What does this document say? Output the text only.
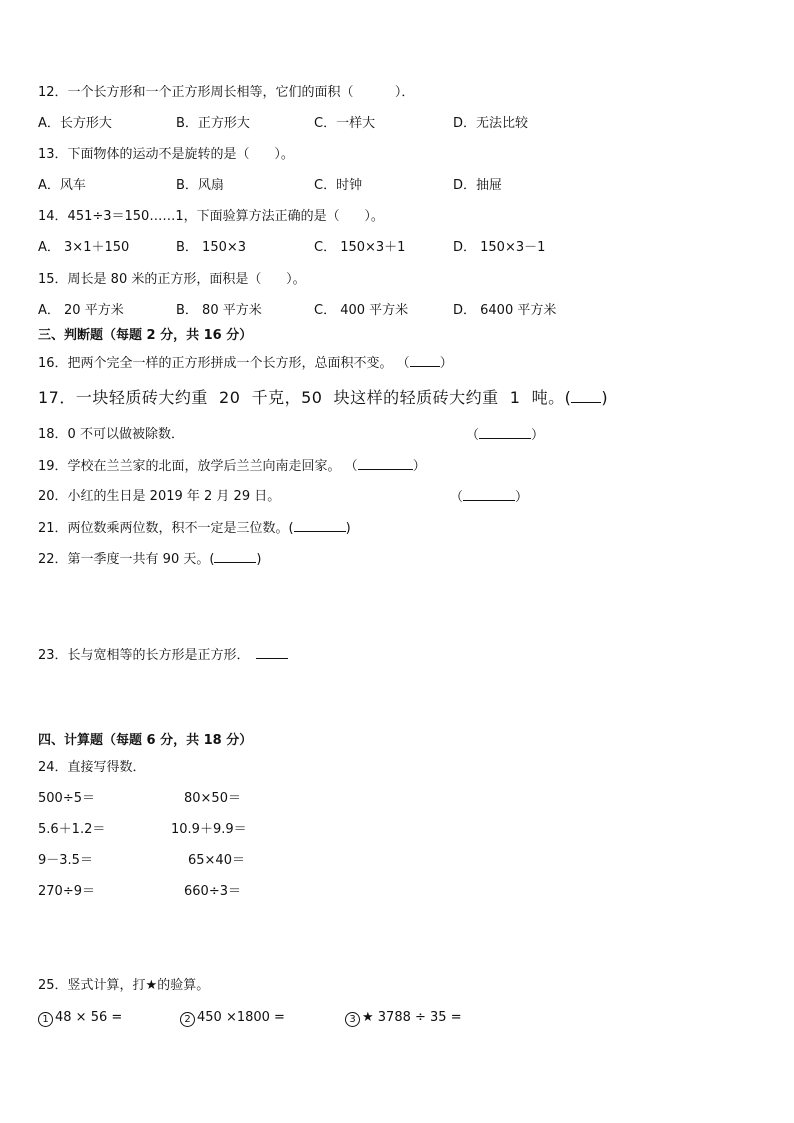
12．一个长方形和一个正方形周长相等，它们的面积（          ）．
A．长方形大	B．正方形大	C．一样大	D．无法比较
13．下面物体的运动不是旋转的是（      ）。
A．风车	B．风扇	C．时钟	D．抽屉
14．451÷3＝150……1，下面验算方法正确的是（      ）。
A． 3×1＋150	B． 150×3	C． 150×3＋1	D． 150×3－1
15．周长是 80 米的正方形，面积是（      ）。
A． 20 平方米	B． 80 平方米	C． 400 平方米	D． 6400 平方米
三、判断题（每题 2 分，共 16 分）
16．把两个完全一样的正方形拼成一个长方形，总面积不变。 （ ）
17．一块轻质砖大约重  20  千克，50  块这样的轻质砖大约重  1  吨。( )
18．0 不可以做被除数．	（	）
19．学校在兰兰家的北面，放学后兰兰向南走回家。 （	）
20．小红的生日是 2019 年 2 月 29 日。	（	）
21．两位数乘两位数，积不一定是三位数。(	)
22．第一季度一共有 90 天。(	)
23．长与宽相等的长方形是正方形．
四、计算题（每题 6 分，共 18 分）
24．直接写得数．
500÷5＝	80×50＝
5.6＋1.2＝	10.9＋9.9＝
9－3.5＝	65×40＝
270÷9＝	660÷3＝
25．竖式计算，打★的验算。
1 48 × 56 =	2 450 ×1800 =	3 ★ 3788 ÷ 35 =
